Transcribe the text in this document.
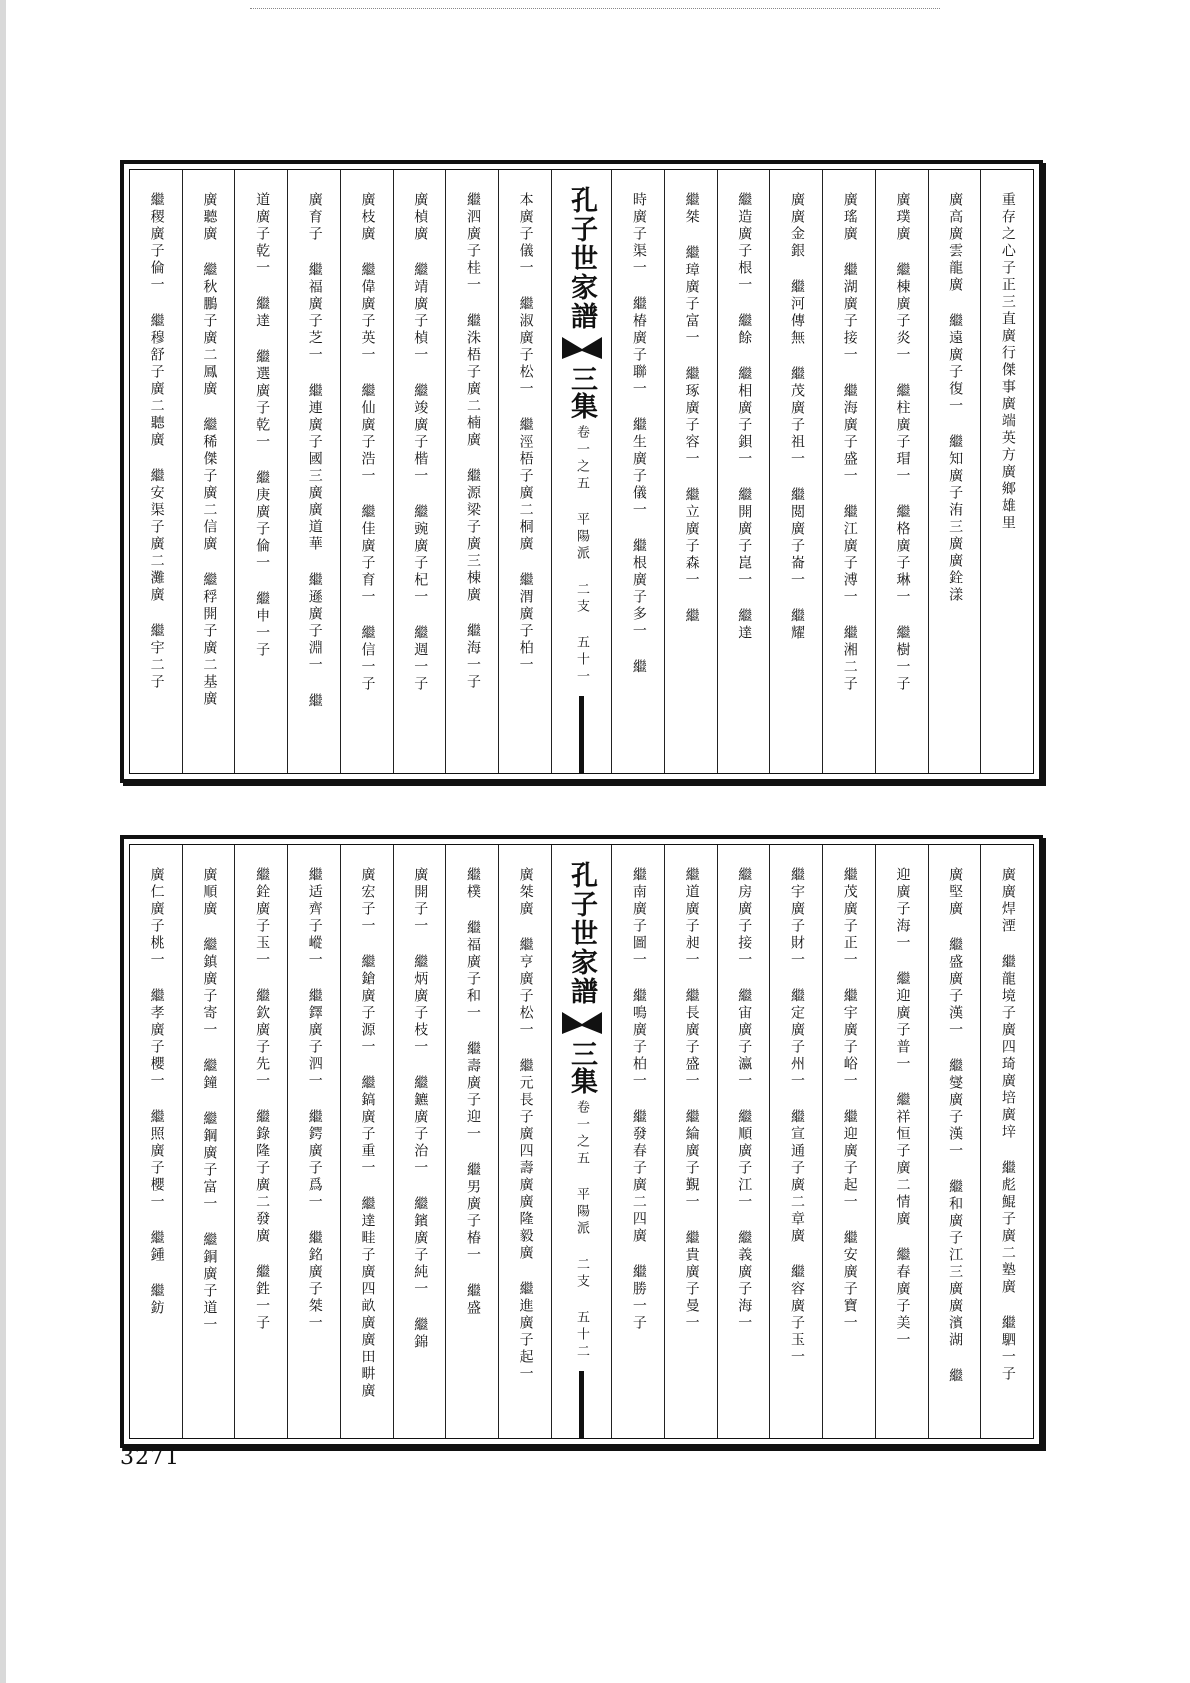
重存之心子正三直廣行傑事廣端英方廣鄉雄里
廣高廣雲龍廣 繼遠廣子復一 繼知廣子洧三廣廣銓漾
廣璞廣 繼棟廣子炎一 繼柱廣子瑁一 繼格廣子琳一 繼樹一子
廣瑤廣 繼湖廣子接一 繼海廣子盛一 繼江廣子溥一 繼湘二子
廣廣金銀 繼河傳無 繼茂廣子祖一 繼閲廣子崙一 繼耀
繼造廣子根一 繼餘 繼相廣子鋇一 繼開廣子崑一 繼達
繼桀 繼璋廣子富一 繼琢廣子容一 繼立廣子森一 繼
時廣子渠一 繼椿廣子聯一 繼生廣子儀一 繼根廣子多一 繼
孔子世家譜
三集
卷一之五 平陽派 二支 五十一
本廣子儀一 繼淑廣子松一 繼涇梧子廣二桐廣 繼渭廣子柏一
繼泗廣子桂一 繼洙梧子廣二楠廣 繼源梁子廣三棟廣 繼海一子
廣楨廣 繼靖廣子楨一 繼竣廣子楷一 繼豌廣子杞一 繼週一子
廣枝廣 繼偉廣子英一 繼仙廣子浩一 繼佳廣子育一 繼信一子
廣育子 繼福廣子芝一 繼連廣子國三廣廣道華 繼遜廣子淵一 繼
道廣子乾一 繼達 繼選廣子乾一 繼庚廣子倫一 繼申一子
廣聽廣 繼秋鵬子廣二鳳廣 繼稀傑子廣二信廣 繼稃開子廣二基廣
繼稷廣子倫一 繼穆舒子廣二聽廣 繼安渠子廣二灘廣 繼宇二子
廣廣焊湮 繼龍境子廣四琦廣培廣垶 繼彪鯤子廣二塾廣 繼駟一子
廣堅廣 繼盛廣子漢一 繼燮廣子漢一 繼和廣子江三廣廣濱湖 繼
迎廣子海一 繼迎廣子普一 繼祥恒子廣二情廣 繼春廣子美一
繼茂廣子正一 繼宇廣子峪一 繼迎廣子起一 繼安廣子寶一
繼宇廣子財一 繼定廣子州一 繼宣通子廣二章廣 繼容廣子玉一
繼房廣子接一 繼宙廣子瀛一 繼順廣子江一 繼義廣子海一
繼道廣子昶一 繼長廣子盛一 繼綸廣子覲一 繼貴廣子曼一
繼南廣子圖一 繼鳴廣子柏一 繼發春子廣二四廣 繼勝一子
孔子世家譜
三集
卷一之五 平陽派 二支 五十二
廣桀廣 繼亨廣子松一 繼元長子廣四壽廣廣隆毅廣 繼進廣子起一
繼樸 繼福廣子和一 繼壽廣子迎一 繼男廣子椿一 繼盛
廣開子一 繼炳廣子枝一 繼鑣廣子治一 繼鑌廣子純一 繼錦
廣宏子一 繼鎗廣子源一 繼鎬廣子重一 繼達畦子廣四畝廣廣田畊廣
繼适齊子嵷一 繼鐸廣子泗一 繼鍔廣子爲一 繼銘廣子桀一
繼銓廣子玉一 繼欽廣子先一 繼錄隆子廣二發廣 繼鉎一子
廣順廣 繼鎮廣子寄一 繼鐘 繼鋼廣子富一 繼銅廣子道一
廣仁廣子桃一 繼孝廣子櫻一 繼照廣子櫻一 繼鍾 繼鈁
3271
